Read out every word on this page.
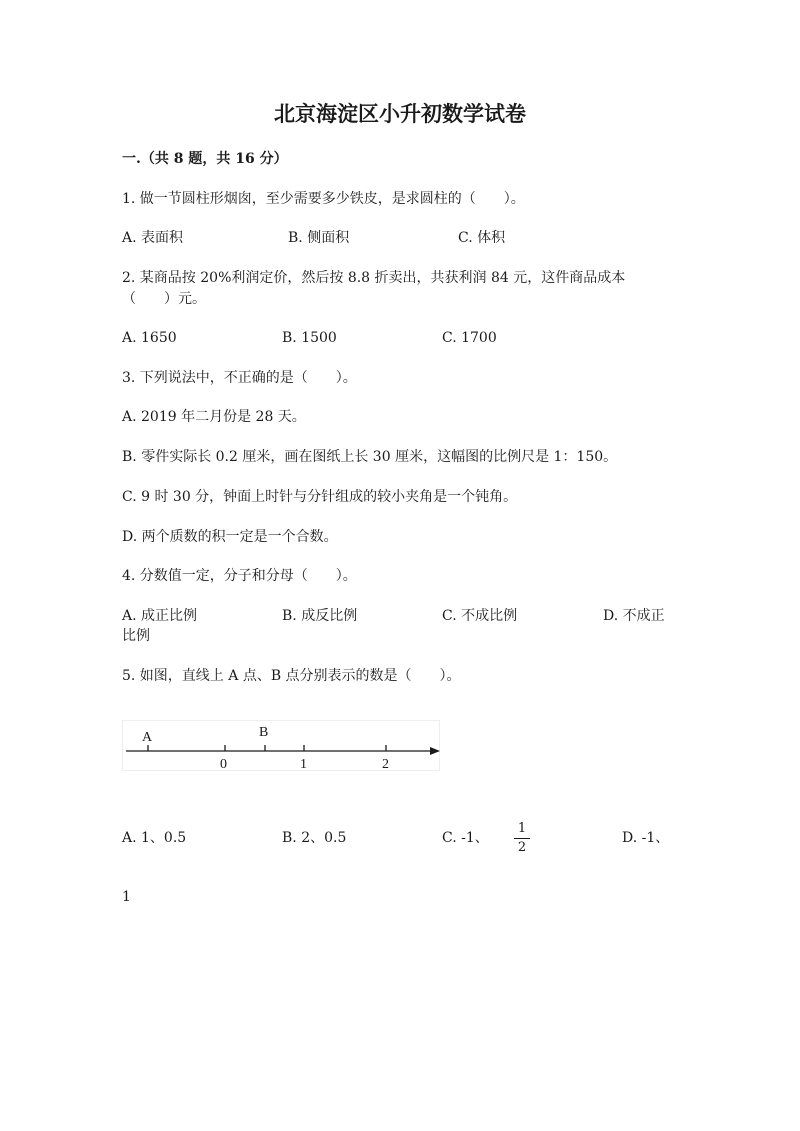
北京海淀区小升初数学试卷
一.（共 8 题，共 16 分）
1. 做一节圆柱形烟囱，至少需要多少铁皮，是求圆柱的（　　）。
A. 表面积	B. 侧面积	C. 体积
2. 某商品按 20%利润定价，然后按 8.8 折卖出，共获利润 84 元，这件商品成本
（　　）元。
A. 1650	B. 1500	C. 1700
3. 下列说法中，不正确的是（　　）。
A. 2019 年二月份是 28 天。
B. 零件实际长 0.2 厘米，画在图纸上长 30 厘米，这幅图的比例尺是 1：150。
C. 9 时 30 分，钟面上时针与分针组成的较小夹角是一个钝角。
D. 两个质数的积一定是一个合数。
4. 分数值一定，分子和分母（　　）。
A. 成正比例	B. 成反比例	C. 不成比例	D. 不成正
比例
5. 如图，直线上 A 点、B 点分别表示的数是（　　）。
A	B
0	1	2
A. 1、0.5	B. 2、0.5	C. -1、
1
2
D. -1、
1
